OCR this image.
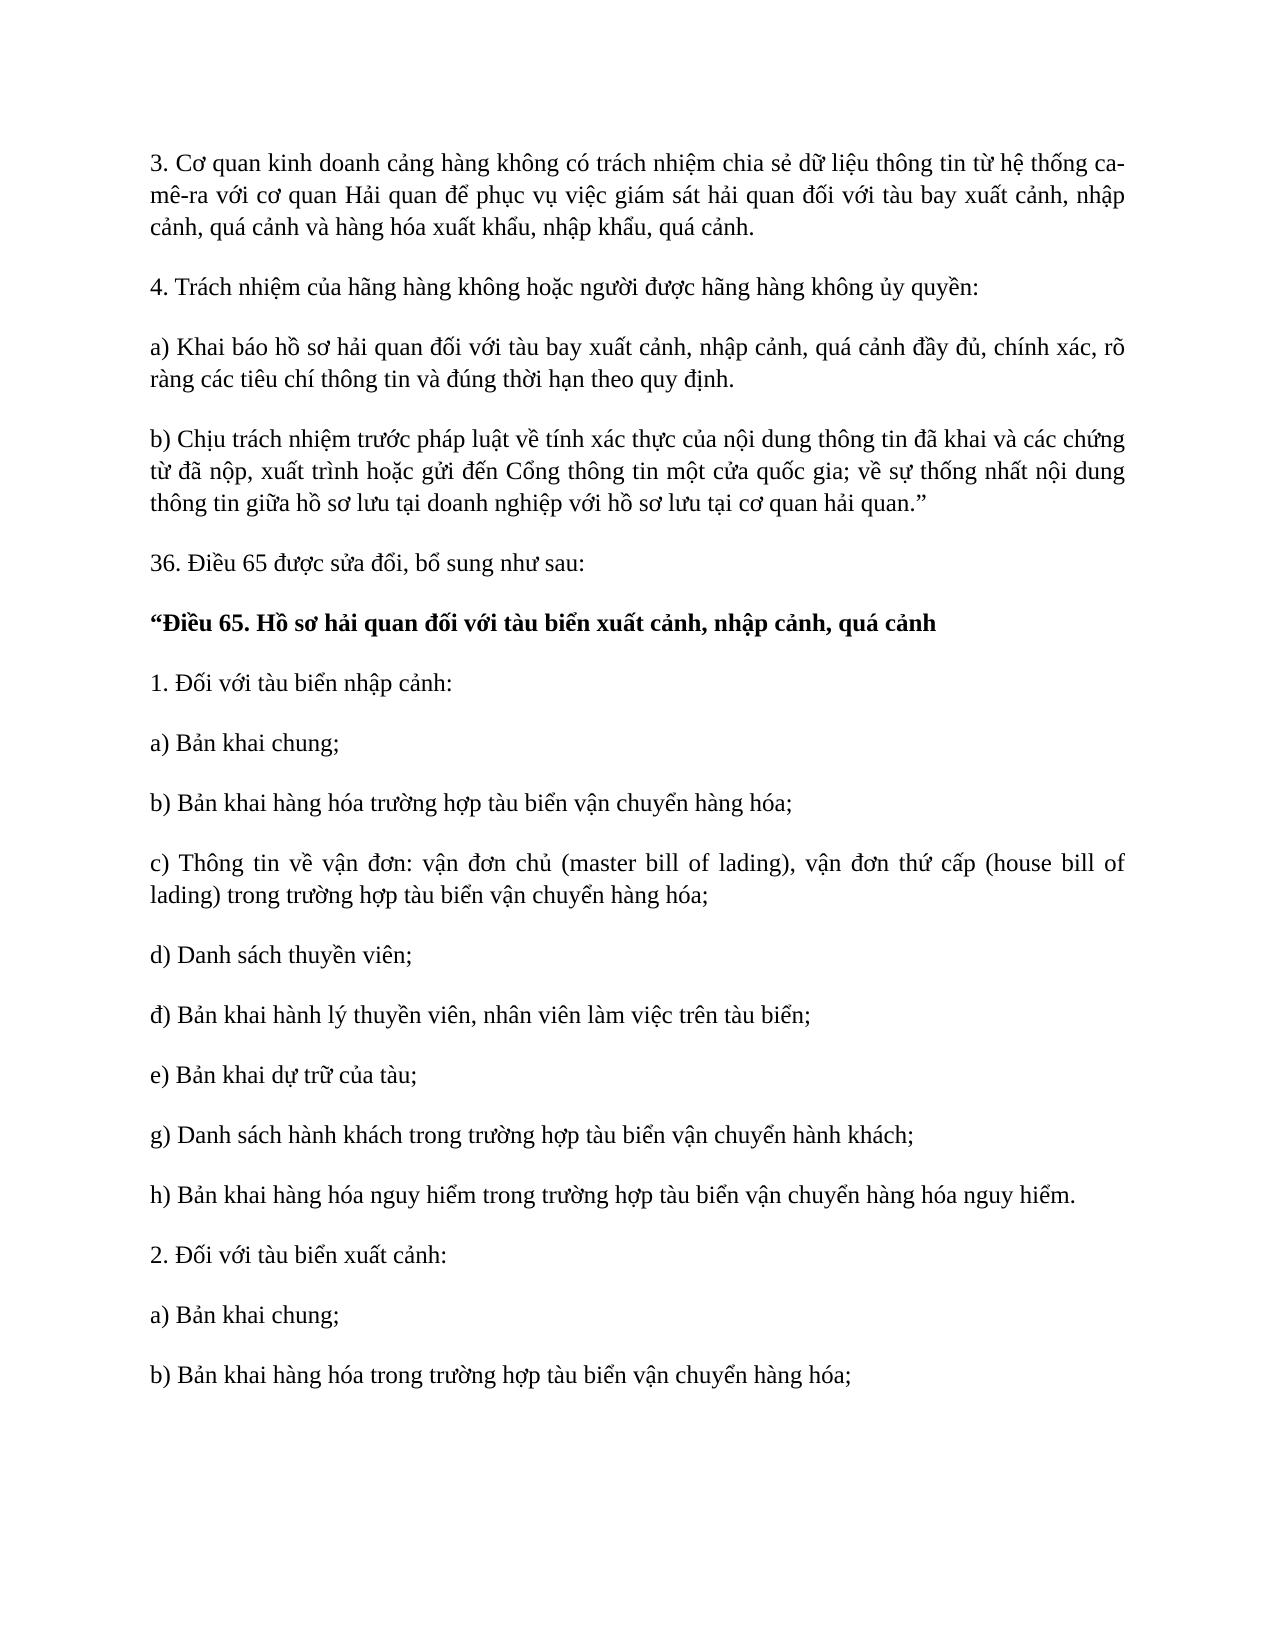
3. Cơ quan kinh doanh cảng hàng không có trách nhiệm chia sẻ dữ liệu thông tin từ hệ thống ca-mê-ra với cơ quan Hải quan để phục vụ việc giám sát hải quan đối với tàu bay xuất cảnh, nhập cảnh, quá cảnh và hàng hóa xuất khẩu, nhập khẩu, quá cảnh.

4. Trách nhiệm của hãng hàng không hoặc người được hãng hàng không ủy quyền:

a) Khai báo hồ sơ hải quan đối với tàu bay xuất cảnh, nhập cảnh, quá cảnh đầy đủ, chính xác, rõ ràng các tiêu chí thông tin và đúng thời hạn theo quy định.

b) Chịu trách nhiệm trước pháp luật về tính xác thực của nội dung thông tin đã khai và các chứng từ đã nộp, xuất trình hoặc gửi đến Cổng thông tin một cửa quốc gia; về sự thống nhất nội dung thông tin giữa hồ sơ lưu tại doanh nghiệp với hồ sơ lưu tại cơ quan hải quan.”

36. Điều 65 được sửa đổi, bổ sung như sau:

“Điều 65. Hồ sơ hải quan đối với tàu biển xuất cảnh, nhập cảnh, quá cảnh

1. Đối với tàu biển nhập cảnh:

a) Bản khai chung;

b) Bản khai hàng hóa trường hợp tàu biển vận chuyển hàng hóa;

c) Thông tin về vận đơn: vận đơn chủ (master bill of lading), vận đơn thứ cấp (house bill of lading) trong trường hợp tàu biển vận chuyển hàng hóa;

d) Danh sách thuyền viên;

đ) Bản khai hành lý thuyền viên, nhân viên làm việc trên tàu biển;

e) Bản khai dự trữ của tàu;

g) Danh sách hành khách trong trường hợp tàu biển vận chuyển hành khách;

h) Bản khai hàng hóa nguy hiểm trong trường hợp tàu biển vận chuyển hàng hóa nguy hiểm.

2. Đối với tàu biển xuất cảnh:

a) Bản khai chung;

b) Bản khai hàng hóa trong trường hợp tàu biển vận chuyển hàng hóa;
